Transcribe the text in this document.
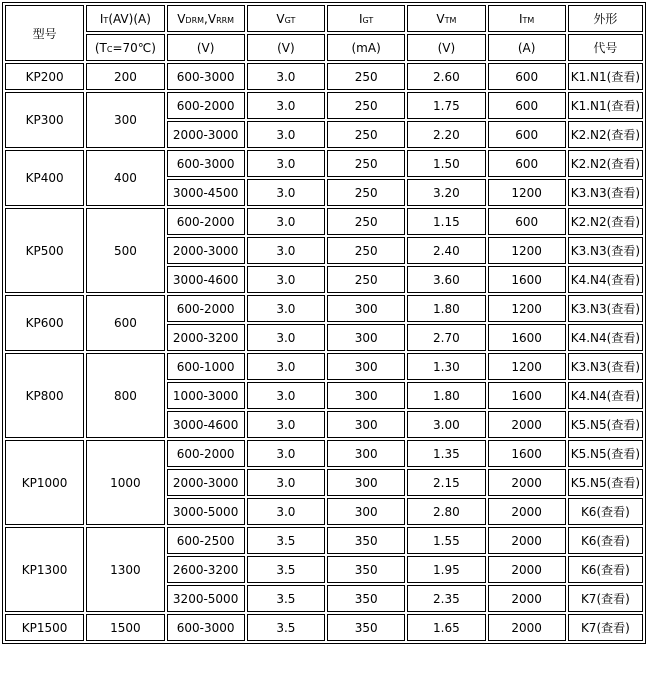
型号	IT(AV)(A)	VDRM,VRRM	VGT	IGT	VTM	ITM	外形
	(TC=70℃)	(V)	(V)	(mA)	(V)	(A)	代号
KP200	200	600-3000	3.0	250	2.60	600	K1.N1(查看)
KP300	300	600-2000	3.0	250	1.75	600	K1.N1(查看)
		2000-3000	3.0	250	2.20	600	K2.N2(查看)
KP400	400	600-3000	3.0	250	1.50	600	K2.N2(查看)
		3000-4500	3.0	250	3.20	1200	K3.N3(查看)
KP500	500	600-2000	3.0	250	1.15	600	K2.N2(查看)
		2000-3000	3.0	250	2.40	1200	K3.N3(查看)
		3000-4600	3.0	250	3.60	1600	K4.N4(查看)
KP600	600	600-2000	3.0	300	1.80	1200	K3.N3(查看)
		2000-3200	3.0	300	2.70	1600	K4.N4(查看)
KP800	800	600-1000	3.0	300	1.30	1200	K3.N3(查看)
		1000-3000	3.0	300	1.80	1600	K4.N4(查看)
		3000-4600	3.0	300	3.00	2000	K5.N5(查看)
KP1000	1000	600-2000	3.0	300	1.35	1600	K5.N5(查看)
		2000-3000	3.0	300	2.15	2000	K5.N5(查看)
		3000-5000	3.0	300	2.80	2000	K6(查看)
KP1300	1300	600-2500	3.5	350	1.55	2000	K6(查看)
		2600-3200	3.5	350	1.95	2000	K6(查看)
		3200-5000	3.5	350	2.35	2000	K7(查看)
KP1500	1500	600-3000	3.5	350	1.65	2000	K7(查看)
